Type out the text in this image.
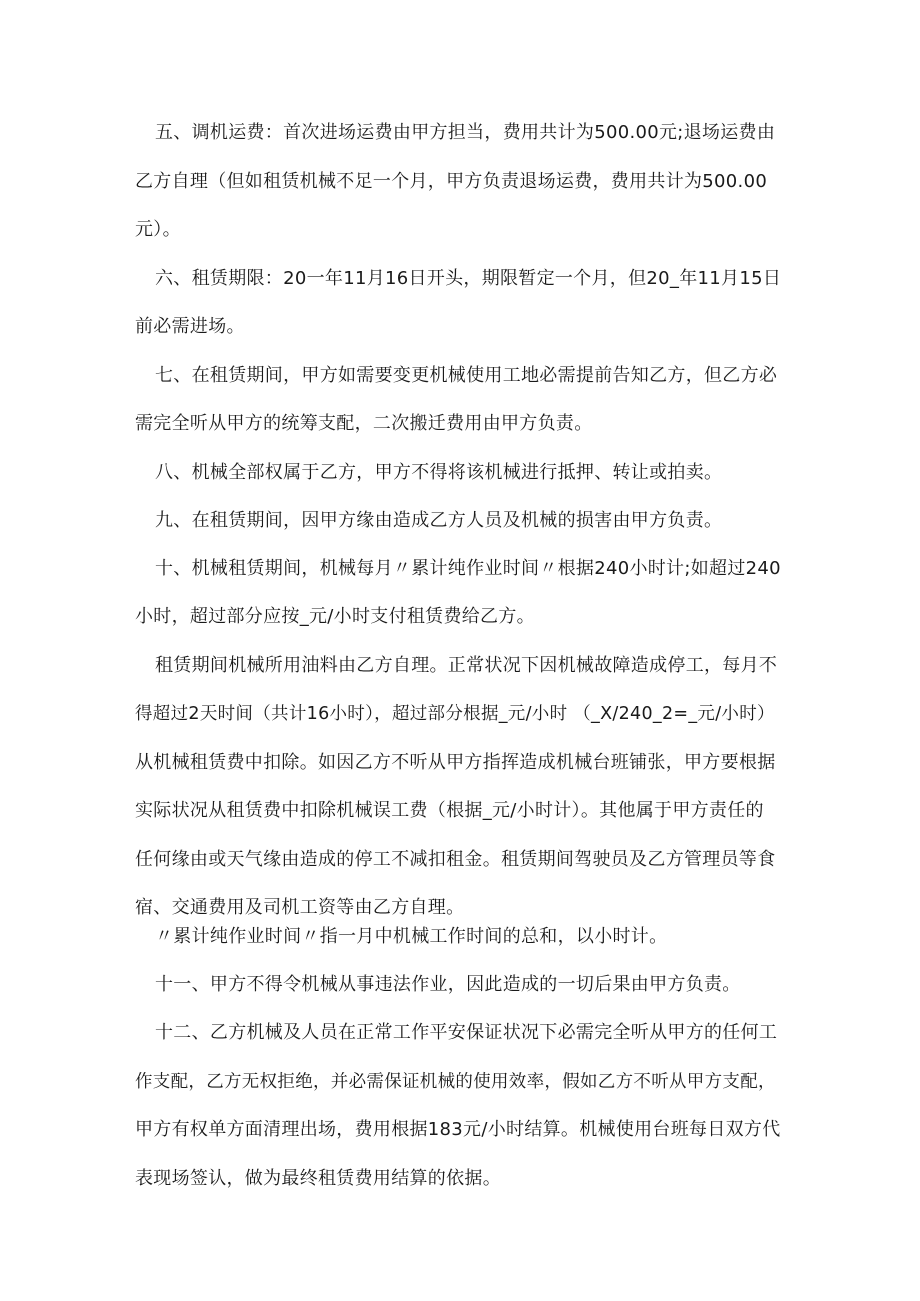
五、调机运费：首次进场运费由甲方担当，费用共计为500.00元;退场运费由
乙方自理（但如租赁机械不足一个月，甲方负责退场运费，费用共计为500.00
元）。
六、租赁期限：20一年11月16日开头，期限暂定一个月，但20_年11月15日
前必需进场。
七、在租赁期间，甲方如需要变更机械使用工地必需提前告知乙方，但乙方必
需完全听从甲方的统筹支配，二次搬迁费用由甲方负责。
八、机械全部权属于乙方，甲方不得将该机械进行抵押、转让或拍卖。
九、在租赁期间，因甲方缘由造成乙方人员及机械的损害由甲方负责。
十、机械租赁期间，机械每月〃累计纯作业时间〃根据240小时计;如超过240
小时，超过部分应按_元/小时支付租赁费给乙方。
租赁期间机械所用油料由乙方自理。正常状况下因机械故障造成停工，每月不
得超过2天时间（共计16小时），超过部分根据_元/小时 （_X/240_2=_元/小时）
从机械租赁费中扣除。如因乙方不听从甲方指挥造成机械台班铺张，甲方要根据
实际状况从租赁费中扣除机械误工费（根据_元/小时计）。其他属于甲方责任的
任何缘由或天气缘由造成的停工不减扣租金。租赁期间驾驶员及乙方管理员等食
宿、交通费用及司机工资等由乙方自理。
〃累计纯作业时间〃指一月中机械工作时间的总和，以小时计。
十一、甲方不得令机械从事违法作业，因此造成的一切后果由甲方负责。
十二、乙方机械及人员在正常工作平安保证状况下必需完全听从甲方的任何工
作支配，乙方无权拒绝，并必需保证机械的使用效率，假如乙方不听从甲方支配，
甲方有权单方面清理出场，费用根据183元/小时结算。机械使用台班每日双方代
表现场签认，做为最终租赁费用结算的依据。
